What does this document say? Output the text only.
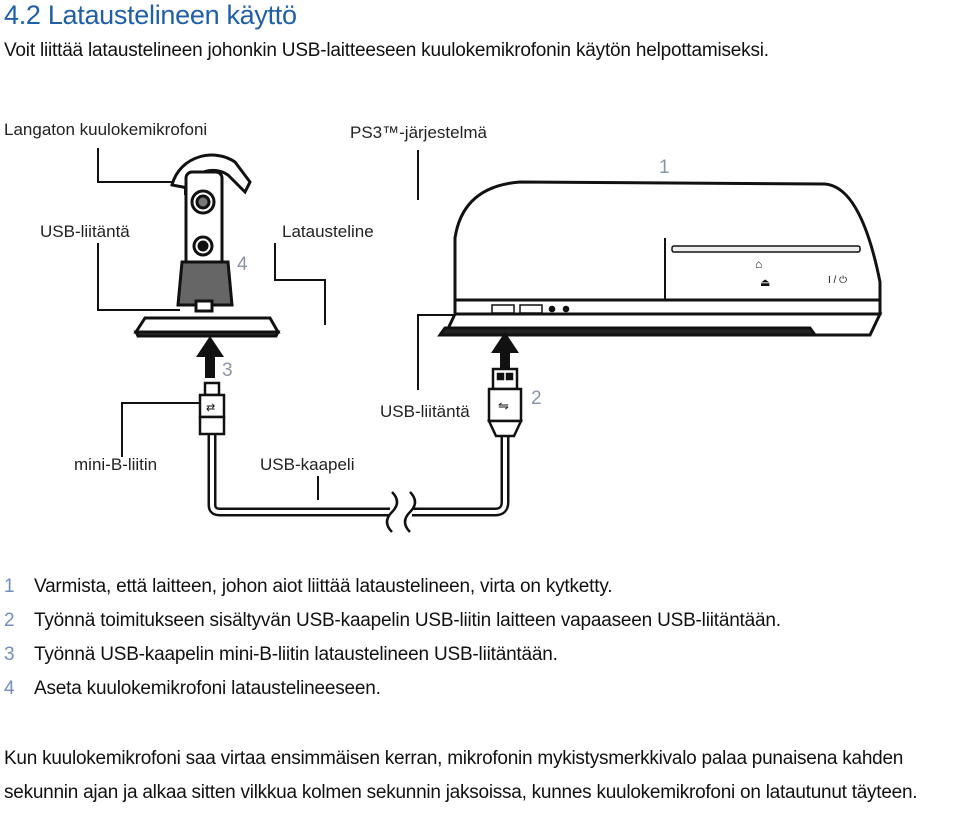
4.2 Lataustelineen käyttö

Voit liittää lataustelineen johonkin USB-laitteeseen kuulokemikrofonin käytön helpottamiseksi.

⌂
⏏	I / ⏻
⇄	⇋
Langaton kuulokemikrofoni	PS3™-järjestelmä
1
USB-liitäntä	Latausteline
4
3
USB-liitäntä
2
mini-B-liitin	USB-kaapeli
1 Varmista, että laitteen, johon aiot liittää lataustelineen, virta on kytketty.
2 Työnnä toimitukseen sisältyvän USB-kaapelin USB-liitin laitteen vapaaseen USB-liitäntään.
3 Työnnä USB-kaapelin mini-B-liitin lataustelineen USB-liitäntään.
4 Aseta kuulokemikrofoni lataustelineeseen.

Kun kuulokemikrofoni saa virtaa ensimmäisen kerran, mikrofonin mykistysmerkkivalo palaa punaisena kahden sekunnin ajan ja alkaa sitten vilkkua kolmen sekunnin jaksoissa, kunnes kuulokemikrofoni on latautunut täyteen.
